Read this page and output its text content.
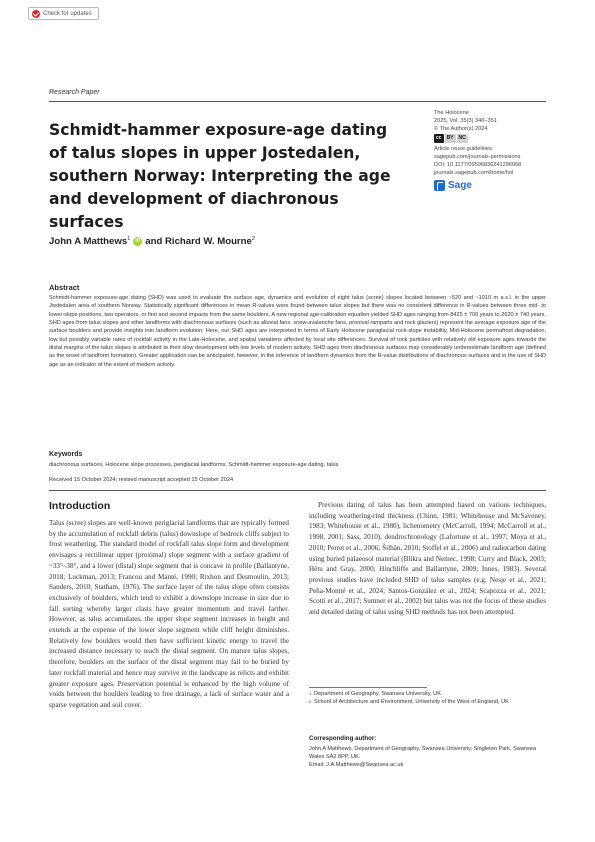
Check for updates
Research Paper
Schmidt-hammer exposure-age dating of talus slopes in upper Jostedalen, southern Norway: Interpreting the age and development of diachronous surfaces
The Holocene
2025, Vol. 35(3) 340–351
© The Author(s) 2024
cc	BY	NC
Article reuse guidelines:
sagepub.com/journals-permissions
DOI: 10.1177/09596836241296068
journals.sagepub.com/home/hol
Sage
John A Matthews$^1$	iD and Richard W. Mourne$^2$
Abstract

Schmidt-hammer exposure-age dating (SHD) was used to evaluate the surface age, dynamics and evolution of eight talus (scree) slopes located between ~520 and ~1010 m a.s.l. in the upper Jostedalen area of southern Norway. Statistically significant differences in mean R-values were found between talus slopes but there was no consistent difference in R-values between three mid- to lower-slope positions, two operators, or first and second impacts from the same boulders. A new regional age-calibration equation yielded SHD ages ranging from 8425 ± 700 years to 2620 ± 740 years. SHD ages from talus slopes and other landforms with diachronous surfaces (such as alluvial fans, snow-avalanche fans, pronival ramparts and rock glaciers) represent the average exposure age of the surface boulders and provide insights into landform evolution. Here, our SHD ages are interpreted in terms of Early Holocene paraglacial rock-slope instability, Mid-Holocene permafrost degradation, low but possibly variable rates of rockfall activity in the Late-Holocene, and spatial variations affected by local site differences. Survival of rock particles with relatively old exposure ages towards the distal margins of the talus slopes is attributed to their slow development with low levels of modern activity. SHD ages from diachronous surfaces may considerably underestimate landform age (defined as the onset of landform formation). Greater application can be anticipated, however, in the inference of landform dynamics from the R-value distributions of diachronous surfaces and in the use of SHD age as an indicator of the extent of modern activity.

Keywords
diachronous surfaces, Holocene slope processes, periglacial landforms, Schmidt-hammer exposure-age dating, talus
Received 15 October 2024; revised manuscript accepted 15 October 2024
Introduction

Talus (scree) slopes are well-known periglacial landforms that are typically formed by the accumulation of rockfall debris (talus) downslope of bedrock cliffs subject to frost weathering. The standard model of rockfall talus slope form and development envisages a rectilinear upper (proximal) slope segment with a surface gradient of ~33°–38°, and a lower (distal) slope segment that is concave in profile (Ballantyne, 2018; Luckman, 2013; Francou and Manté, 1990; Rixhon and Desmoulin, 2013; Sanders, 2010; Statham, 1976). The surface layer of the talus slope often consists exclusively of boulders, which tend to exhibit a downslope increase in size due to fall sorting whereby larger clasts have greater momentum and travel farther. However, as talus accumulates, the upper slope segment increases in height and extends at the expense of the lower slope segment while cliff height diminishes. Relatively few boulders would then have sufficient kinetic energy to travel the increased distance necessary to reach the distal segment. On mature talus slopes, therefore, boulders on the surface of the distal segment may fail to be buried by later rockfall material and hence may survive in the landscape as relicts and exhibit greater exposure ages. Preservation potential is enhanced by the high volume of voids between the boulders leading to free drainage, a lack of surface water and a sparse vegetation and soil cover.

Previous dating of talus has been attempted based on various techniques, including weathering-rind thickness (Chinn, 1981; Whitehouse and McSaveney, 1983; Whitehouse et al., 1980), lichenometry (McCarroll, 1994; McCarroll et al., 1998, 2001; Sass, 2010), dendrochronology (Lafortune et al., 1997; Moya et al., 2010; Perret et al., 2006; Šilhán, 2010; Stoffel et al., 2006) and radiocarbon dating using buried palaeosol material (Blikra and Nemec, 1998; Curry and Black, 2003; Hétu and Gray, 2000; Hinchliffe and Ballantyne, 2009; Innes, 1983). Several previous studies have included SHD of talus samples (e.g. Nesje et al., 2021; Peña-Monné et al., 2024; Santos-González et al., 2024; Scapozza et al., 2021; Scotti et al., 2017; Sumner et al., 2002) but talus was not the focus of these studies and detailed dating of talus using SHD methods has not been attempted.

1 Department of Geography, Swansea University, UK
2 School of Architecture and Environment, University of the West of England, UK
Corresponding author:
John A Matthews, Department of Geography, Swansea University, Singleton Park, Swansea Wales SA2 8PP, UK.
Email: J.A.Matthews@Swansea.ac.uk
